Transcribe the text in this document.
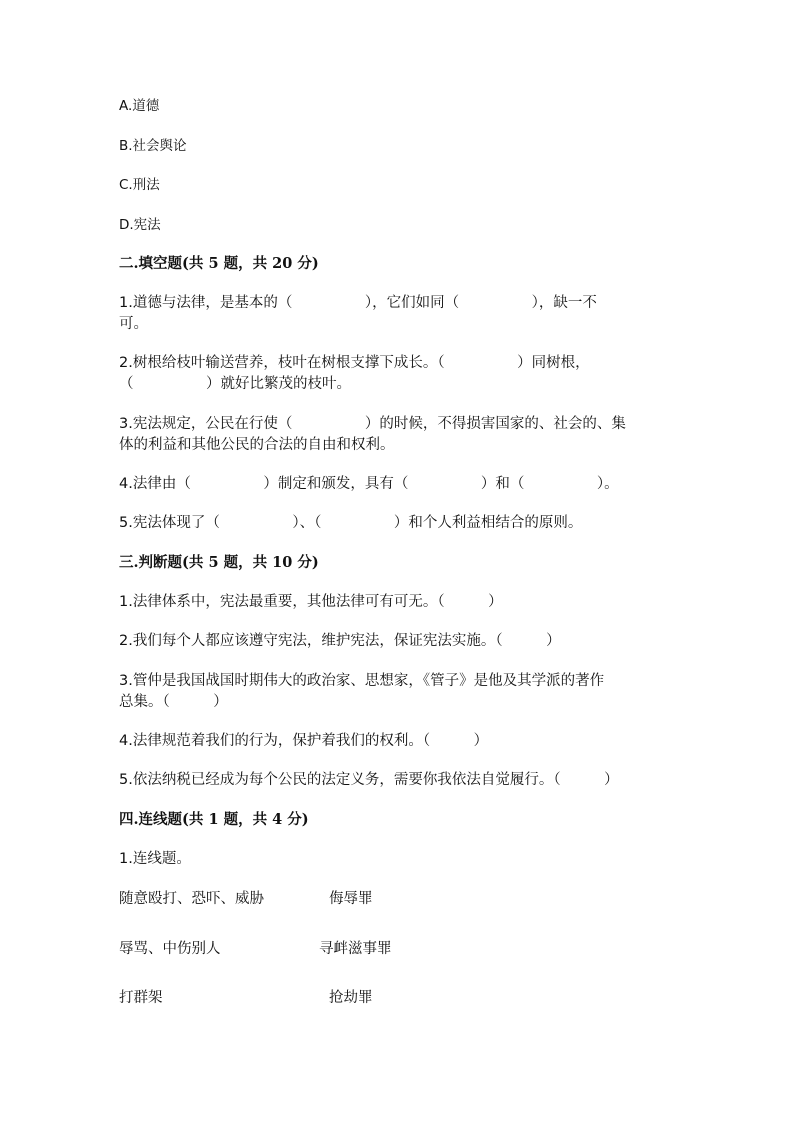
A.道德
B.社会舆论
C.刑法
D.宪法
二.填空题(共 5 题，共 20 分)
1.道德与法律，是基本的（　　　　　），它们如同（　　　　　），缺一不
可。
2.树根给枝叶输送营养，枝叶在树根支撑下成长。（　　　　　）同树根，
（　　　　　）就好比繁茂的枝叶。
3.宪法规定，公民在行使（　　　　　）的时候，不得损害国家的、社会的、集
体的利益和其他公民的合法的自由和权利。
4.法律由（　　　　　）制定和颁发，具有（　　　　　）和（　　　　　）。
5.宪法体现了（　　　　　）、（　　　　　）和个人利益相结合的原则。
三.判断题(共 5 题，共 10 分)
1.法律体系中，宪法最重要，其他法律可有可无。（　　　）
2.我们每个人都应该遵守宪法，维护宪法，保证宪法实施。（　　　）
3.管仲是我国战国时期伟大的政治家、思想家，《管子》是他及其学派的著作
总集。（　　　）
4.法律规范着我们的行为，保护着我们的权利。（　　　）
5.依法纳税已经成为每个公民的法定义务，需要你我依法自觉履行。（　　　）
四.连线题(共 1 题，共 4 分)
1.连线题。
随意殴打、恐吓、威胁	侮辱罪
辱骂、中伤别人	寻衅滋事罪
打群架	抢劫罪
